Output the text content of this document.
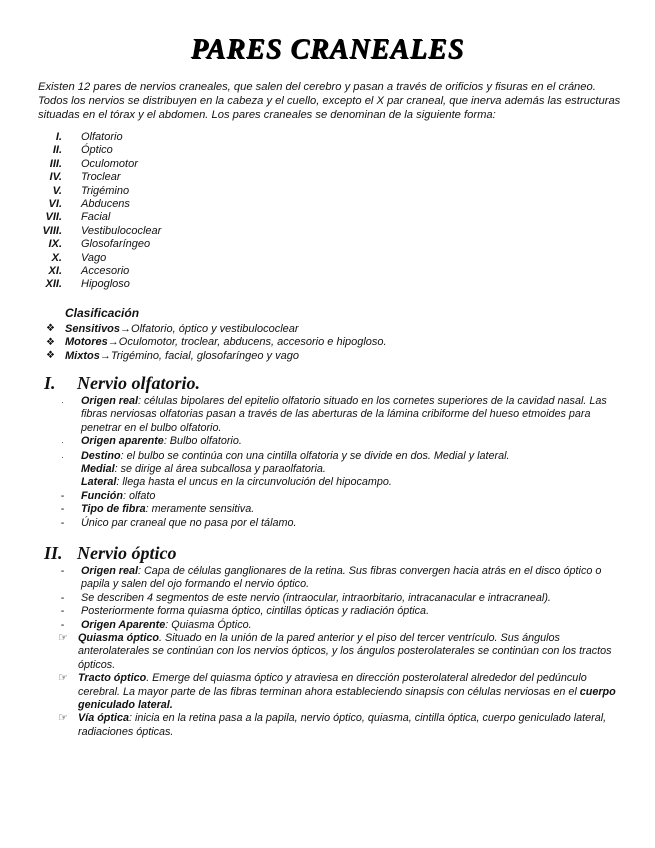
PARES CRANEALES

Existen 12 pares de nervios craneales, que salen del cerebro y pasan a través de orificios y fisuras en el cráneo. Todos los nervios se distribuyen en la cabeza y el cuello, excepto el X par craneal, que inerva además las estructuras situadas en el tórax y el abdomen. Los pares craneales se denominan de la siguiente forma:

I. Olfatorio
II. Óptico
III. Oculomotor
IV. Troclear
V. Trigémino
VI. Abducens
VII. Facial
VIII. Vestibulococlear
IX. Glosofaríngeo
X. Vago
XI. Accesorio
XII. Hipogloso
Clasificación
❖ Sensitivos → Olfatorio, óptico y vestibulococlear
❖ Motores → Oculomotor, troclear, abducens, accesorio e hipogloso.
❖ Mixtos → Trigémino, facial, glosofaríngeo y vago
I.	Nervio olfatorio.
·	Origen real: células bipolares del epitelio olfatorio situado en los cornetes superiores de la cavidad nasal. Las fibras nerviosas olfatorias pasan a través de las aberturas de la lámina cribiforme del hueso etmoides para penetrar en el bulbo olfatorio.
·	Origen aparente: Bulbo olfatorio.
·	Destino: el bulbo se continúa con una cintilla olfatoria y se divide en dos. Medial y lateral.
Medial: se dirige al área subcallosa y paraolfatoria.
Lateral: llega hasta el uncus en la circunvolución del hipocampo.
-	Función: olfato
-	Tipo de fibra: meramente sensitiva.
-	Único par craneal que no pasa por el tálamo.
II. Nervio óptico
-	Origen real: Capa de células ganglionares de la retina. Sus fibras convergen hacia atrás en el disco óptico o papila y salen del ojo formando el nervio óptico.
-	Se describen 4 segmentos de este nervio (intraocular, intraorbitario, intracanacular e intracraneal).
-	Posteriormente forma quiasma óptico, cintillas ópticas y radiación óptica.
-	Origen Aparente: Quiasma Óptico.
☞ Quiasma óptico. Situado en la unión de la pared anterior y el piso del tercer ventrículo. Sus ángulos anterolaterales se continúan con los nervios ópticos, y los ángulos posterolaterales se continúan con los tractos ópticos.
☞ Tracto óptico. Emerge del quiasma óptico y atraviesa en dirección posterolateral alrededor del pedúnculo cerebral. La mayor parte de las fibras terminan ahora estableciendo sinapsis con células nerviosas en el cuerpo geniculado lateral.
☞ Vía óptica: inicia en la retina pasa a la papila, nervio óptico, quiasma, cintilla óptica, cuerpo geniculado lateral, radiaciones ópticas.
